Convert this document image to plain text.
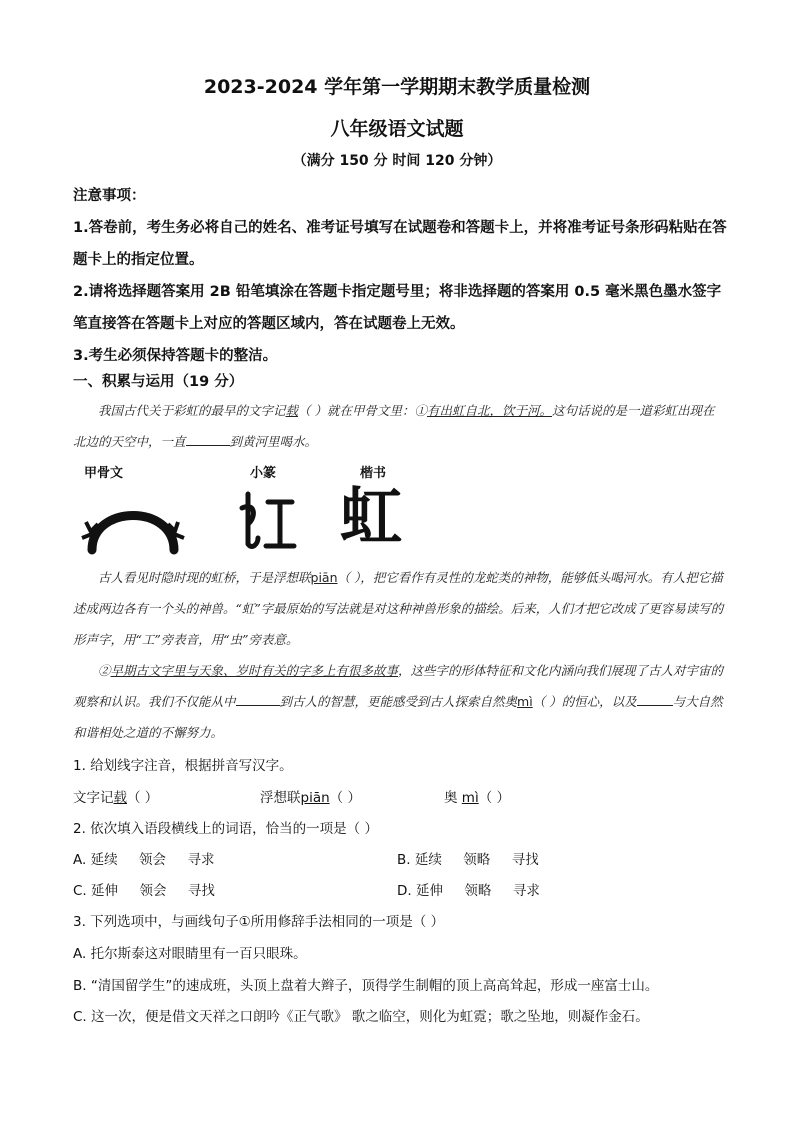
2023-2024 学年第一学期期末教学质量检测
八年级语文试题
（满分 150 分 时间 120 分钟）
注意事项：
1.答卷前，考生务必将自己的姓名、准考证号填写在试题卷和答题卡上，并将准考证号条形码粘贴在答题卡上的指定位置。
2.请将选择题答案用 2B 铅笔填涂在答题卡指定题号里；将非选择题的答案用 0.5 毫米黑色墨水签字笔直接答在答题卡上对应的答题区域内，答在试题卷上无效。
3.考生必须保持答题卡的整洁。
一、积累与运用（19 分）
我国古代关于彩虹的最早的文字记载（ ）就在甲骨文里：①有出虹自北，饮于河。这句话说的是一道彩虹出现在北边的天空中，一直	到黄河里喝水。
甲骨文	小篆	楷书
虹
古人看见时隐时现的虹桥，于是浮想联piān（ ），把它看作有灵性的龙蛇类的神物，能够低头喝河水。有人把它描述成两边各有一个头的神兽。“虹”字最原始的写法就是对这种神兽形象的描绘。后来，人们才把它改成了更容易读写的形声字，用“工”旁表音，用“虫”旁表意。
②早期古文字里与天象、岁时有关的字多上有很多故事，这些字的形体特征和文化内涵向我们展现了古人对宇宙的观察和认识。我们不仅能从中	到古人的智慧，更能感受到古人探索自然奥mì（ ）的恒心，以及	与大自然和谐相处之道的不懈努力。
1. 给划线字注音，根据拼音写汉字。
文字记载（ ）	浮想联piān（ ）	奥 mì（ ）
2. 依次填入语段横线上的词语，恰当的一项是（ ）
A. 延续     领会     寻求	B. 延续     领略     寻找
C. 延伸     领会     寻找	D. 延伸     领略     寻求
3. 下列选项中，与画线句子①所用修辞手法相同的一项是（ ）
A. 托尔斯泰这对眼睛里有一百只眼珠。
B. “清国留学生”的速成班，头顶上盘着大辫子，顶得学生制帽的顶上高高耸起，形成一座富士山。
C. 这一次，便是借文天祥之口朗吟《正气歌》 歌之临空，则化为虹霓；歌之坠地，则凝作金石。
